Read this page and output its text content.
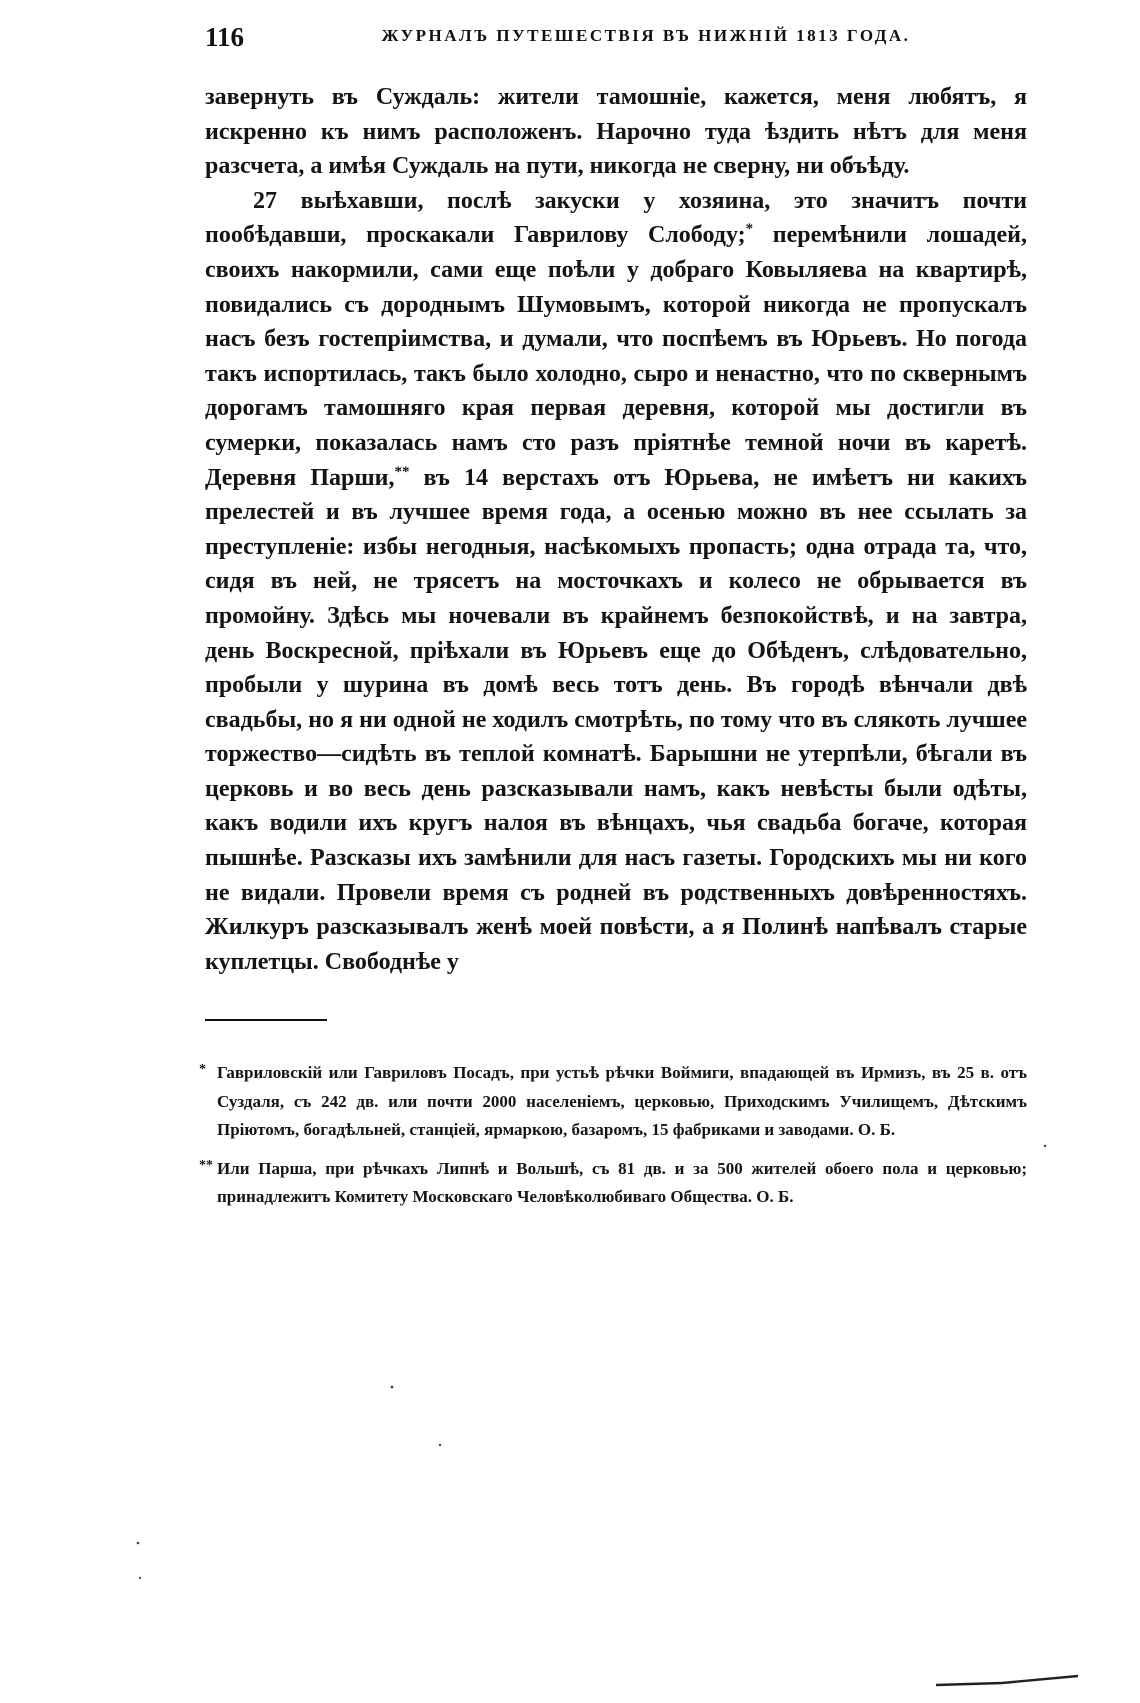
116	ЖУРНАЛЪ ПУТЕШЕСТВІЯ ВЪ НИЖНІЙ 1813 ГОДА.

завернуть въ Суждаль: жители тамошніе, кажется, меня любятъ, я искренно къ нимъ расположенъ. Нарочно туда ѣздить нѣтъ для меня разсчета, а имѣя Суждаль на пути, никогда не сверну, ни объѣду.

27 выѣхавши, послѣ закуски у хозяина, это значитъ почти пообѣдавши, проскакали Гаврилову Слободу;* перемѣнили лошадей, своихъ накормили, сами еще поѣли у добраго Ковыляева на квартирѣ, повидались съ дороднымъ Шумовымъ, которой никогда не пропускалъ насъ безъ гостепріимства, и думали, что поспѣемъ въ Юрьевъ. Но погода такъ испортилась, такъ было холодно, сыро и ненастно, что по сквернымъ дорогамъ тамошняго края первая деревня, которой мы достигли въ сумерки, показалась намъ сто разъ пріятнѣе темной ночи въ каретѣ. Деревня Парши,** въ 14 верстахъ отъ Юрьева, не имѣетъ ни какихъ прелестей и въ лучшее время года, а осенью можно въ нее ссылать за преступленіе: избы негодныя, насѣкомыхъ пропасть; одна отрада та, что, сидя въ ней, не трясетъ на мосточкахъ и колесо не обрывается въ промойну. Здѣсь мы ночевали въ крайнемъ безпокойствѣ, и на завтра, день Воскресной, пріѣхали въ Юрьевъ еще до Обѣденъ, слѣдовательно, пробыли у шурина въ домѣ весь тотъ день. Въ городѣ вѣнчали двѣ свадьбы, но я ни одной не ходилъ смотрѣть, по тому что въ слякоть лучшее торжество—сидѣть въ теплой комнатѣ. Барышни не утерпѣли, бѣгали въ церковь и во весь день разсказывали намъ, какъ невѣсты были одѣты, какъ водили ихъ кругъ налоя въ вѣнцахъ, чья свадьба богаче, которая пышнѣе. Разсказы ихъ замѣнили для насъ газеты. Городскихъ мы ни кого не видали. Провели время съ родней въ родственныхъ довѣренностяхъ. Жилкуръ разсказывалъ женѣ моей повѣсти, а я Полинѣ напѣвалъ старые куплетцы. Свободнѣе у

* Гавриловскій или Гавриловъ Посадъ, при устьѣ рѣчки Воймиги, впадающей въ Ирмизъ, въ 25 в. отъ Суздаля, съ 242 дв. или почти 2000 населеніемъ, церковью, Приходскимъ Училищемъ, Дѣтскимъ Пріютомъ, богадѣльней, станціей, ярмаркою, базаромъ, 15 фабриками и заводами. О. Б.
** Или Парша, при рѣчкахъ Липнѣ и Вольшѣ, съ 81 дв. и за 500 жителей обоего пола и церковью; принадлежитъ Комитету Московскаго Человѣколюбиваго Общества. О. Б.
